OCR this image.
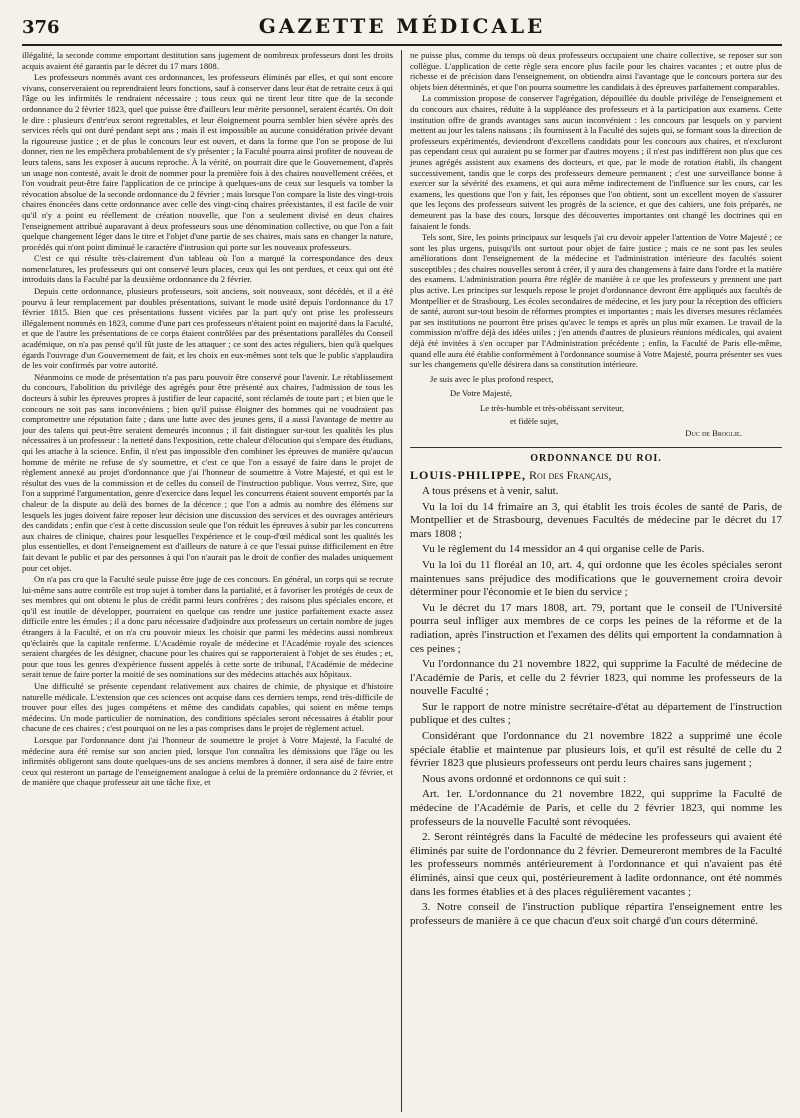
376	GAZETTE MÉDICALE

illégalité, la seconde comme emportant destitution sans jugement de nombreux professeurs dont les droits acquis avaient été garantis par le décret du 17 mars 1808.

Les professeurs nommés avant ces ordonnances, les professeurs éliminés par elles, et qui sont encore vivans, conserveraient ou reprendraient leurs fonctions, sauf à conserver dans leur état de retraite ceux à qui l'âge ou les infirmités le rendraient nécessaire ; tous ceux qui ne tirent leur titre que de la seconde ordonnance du 2 février 1823, quel que puisse être d'ailleurs leur mérite personnel, seraient écartés. On doit le dire : plusieurs d'entr'eux seront regrettables, et leur éloignement pourra sembler bien sévère après des services réels qui ont duré pendant sept ans ; mais il est impossible au aucune considération privée devant la rigoureuse justice ; et de plus le concours leur est ouvert, et dans la forme que l'on se propose de lui donner, rien ne les empêchera probablement de s'y présenter ; la Faculté pourra ainsi profiter de nouveau de leurs talens, sans les exposer à aucuns reproche. À la vérité, on pourrait dire que le Gouvernement, d'après un usage non contesté, avait le droit de nommer pour la première fois à des chaires nouvellement créées, et l'on voudrait peut-être faire l'application de ce principe à quelques-uns de ceux sur lesquels va tomber la révocation absolue de la seconde ordonnance du 2 février ; mais lorsque l'on compare la liste des vingt-trois chaires énoncées dans cette ordonnance avec celle des vingt-cinq chaires préexistantes, il est facile de voir qu'il n'y a point eu réellement de création nouvelle, que l'on a seulement divisé en deux chaires l'enseignement attribué auparavant à deux professeurs sous une dénomination collective, ou que l'on a fait quelque changement léger dans le titre et l'objet d'une partie de ses chaires, mais sans en changer la nature, procédés qui n'ont point diminué le caractère d'intrusion qui porte sur les nouveaux professeurs.

C'est ce qui résulte très-clairement d'un tableau où l'on a marqué la correspondance des deux nomenclatures, les professeurs qui ont conservé leurs places, ceux qui les ont perdues, et ceux qui ont été introduits dans la Faculté par la deuxième ordonnance du 2 février.

Depuis cette ordonnance, plusieurs professeurs, soit anciens, soit nouveaux, sont décédés, et il a été pourvu à leur remplacement par doubles présentations, suivant le mode usité depuis l'ordonnance du 17 février 1815. Bien que ces présentations fussent viciées par la part qu'y ont prise les professeurs illégalement nommés en 1823, comme d'une part ces professeurs n'étaient point en majorité dans la Faculté, et que de l'autre les présentations de ce corps étaient contrôlées par des présentations parallèles du Conseil académique, on n'a pas pensé qu'il fût juste de les attaquer ; ce sont des actes réguliers, bien qu'à quelques égards l'ouvrage d'un Gouvernement de fait, et les choix en eux-mêmes sont tels que le public s'applaudira de les voir confirmés par votre autorité.

Néanmoins ce mode de présentation n'a pas paru pouvoir être conservé pour l'avenir. Le rétablissement du concours, l'abolition du privilége des agrégés pour être présenté aux chaires, l'admission de tous les docteurs à subir les épreuves propres à justifier de leur capacité, sont réclamés de toute part ; et bien que le concours ne soit pas sans inconvéniens ; bien qu'il puisse éloigner des hommes qui ne voudraient pas compromettre une réputation faite ; dans une lutte avec des jeunes gens, il a aussi l'avantage de mettre au jour des talens qui peut-être seraient demeurés inconnus ; il fait distinguer sur-tout les qualités les plus nécessaires à un professeur : la netteté dans l'exposition, cette chaleur d'élocution qui s'empare des étudians, qui les attache à la science. Enfin, il n'est pas impossible d'en combiner les épreuves de manière qu'aucun homme de mérite ne refuse de s'y soumettre, et c'est ce que l'on a essayé de faire dans le projet de règlement annexé au projet d'ordonnance que j'ai l'honneur de soumettre à Votre Majesté, et qui est le résultat des vues de la commission et de celles du conseil de l'instruction publique. Vous verrez, Sire, que l'on a supprimé l'argumentation, genre d'exercice dans lequel les concurrens étaient souvent emportés par la chaleur de la dispute au delà des bornes de la décence ; que l'on a admis au nombre des élémens sur lesquels les juges doivent faire reposer leur décision une discussion des services et des ouvrages antérieurs des candidats ; enfin que c'est à cette discussion seule que l'on réduit les épreuves à subir par les concurrens aux chaires de clinique, chaires pour lesquelles l'expérience et le coup-d'œil médical sont les qualités les plus essentielles, et dont l'enseignement est d'ailleurs de nature à ce que l'essai puisse difficilement en être fait devant le public et par des personnes à qui l'on n'aurait pas le droit de confier des malades uniquement pour cet objet.

On n'a pas cru que la Faculté seule puisse être juge de ces concours. En général, un corps qui se recrute lui-même sans autre contrôle est trop sujet à tomber dans la partialité, et à favoriser les protégés de ceux de ses membres qui ont obtenu le plus de crédit parmi leurs confrères ; des raisons plus spéciales encore, et qu'il est inutile de développer, pourraient en quelque cas rendre une justice parfaitement exacte assez difficile entre les émules ; il a donc paru nécessaire d'adjoindre aux professeurs un certain nombre de juges étrangers à la Faculté, et on n'a cru pouvoir mieux les choisir que parmi les médecins aussi nombreux qu'éclairés que la capitale renferme. L'Académie royale de médecine et l'Académie royale des sciences seraient chargées de les désigner, chacune pour les chaires qui se rapporteraient à l'objet de ses études ; et, pour que tous les genres d'expérience fussent appelés à cette sorte de tribunal, l'Académie de médecine serait tenue de faire porter la moitié de ses nominations sur des médecins attachés aux hôpitaux.

Une difficulté se présente cependant relativement aux chaires de chimie, de physique et d'histoire naturelle médicale. L'extension que ces sciences ont acquise dans ces derniers temps, rend très-difficile de trouver pour elles des juges compétens et même des candidats capables, qui soient en même temps médecins. Un mode particulier de nomination, des conditions spéciales seront nécessaires à établir pour chacune de ces chaires ; c'est pourquoi on ne les a pas comprises dans le projet de règlement actuel.

Lorsque par l'ordonnance dont j'ai l'honneur de soumettre le projet à Votre Majesté, la Faculté de médecine aura été remise sur son ancien pied, lorsque l'on connaîtra les démissions que l'âge ou les infirmités obligeront sans doute quelques-uns de ses anciens membres à donner, il sera aisé de faire entre ceux qui resteront un partage de l'enseignement analogue à celui de la première ordonnance du 2 février, et de manière que chaque professeur ait une tâche fixe, et

ne puisse plus, comme du temps où deux professeurs occupaient une chaire collective, se reposer sur son collègue. L'application de cette règle sera encore plus facile pour les chaires vacantes ; et outre plus de richesse et de précision dans l'enseignement, on obtiendra ainsi l'avantage que le concours portera sur des objets bien déterminés, et que l'on pourra soumettre les candidats à des épreuves parfaitement comparables.

La commission propose de conserver l'agrégation, dépouillée du double privilége de l'enseignement et du concours aux chaires, réduite à la suppléance des professeurs et à la participation aux examens. Cette institution offre de grands avantages sans aucun inconvénient : les concours par lesquels on y parvient mettent au jour les talens naissans ; ils fournissent à la Faculté des sujets qui, se formant sous la direction de professeurs expérimentés, deviendront d'excellens candidats pour les concours aux chaires, et n'excluront pas cependant ceux qui auraient pu se former par d'autres moyens ; il n'est pas indifférent non plus que ces jeunes agrégés assistent aux examens des docteurs, et que, par le mode de rotation établi, ils changent successivement, tandis que le corps des professeurs demeure permanent ; c'est une surveillance bonne à exercer sur la sévérité des examens, et qui aura même indirectement de l'influence sur les cours, car les examens, les questions que l'on y fait, les réponses que l'on obtient, sont un excellent moyen de s'assurer que les leçons des professeurs suivent les progrès de la science, et que des cahiers, une fois préparés, ne demeurent pas la base des cours, lorsque des découvertes importantes ont changé les doctrines qui en faisaient le fonds.

Tels sont, Sire, les points principaux sur lesquels j'ai cru devoir appeler l'attention de Votre Majesté ; ce sont les plus urgens, puisqu'ils ont surtout pour objet de faire justice ; mais ce ne sont pas les seules améliorations dont l'enseignement de la médecine et l'administration intérieure des facultés soient susceptibles ; des chaires nouvelles seront à créer, il y aura des changemens à faire dans l'ordre et la matière des examens. L'administration pourra être réglée de manière à ce que les professeurs y prennent une part plus active. Les principes sur lesquels repose le projet d'ordonnance devront être appliqués aux facultés de Montpellier et de Strasbourg. Les écoles secondaires de médecine, et les jury pour la réception des officiers de santé, auront sur-tout besoin de réformes promptes et importantes ; mais les diverses mesures réclamées par ses institutions ne pourront être prises qu'avec le temps et après un plus mûr examen. Le travail de la commission m'offre déjà des idées utiles ; j'en attends d'autres de plusieurs réunions médicales, qui avaient déjà été invitées à s'en occuper par l'Administration précédente ; enfin, la Faculté de Paris elle-même, quand elle aura été établie conformément à l'ordonnance soumise à Votre Majesté, pourra présenter ses vues sur les changemens qu'elle désirera dans sa constitution intérieure.

Je suis avec le plus profond respect,
De Votre Majesté,
Le très-humble et très-obéissant serviteur,
et fidèle sujet,
Duc de Broglie.
ORDONNANCE DU ROI.
LOUIS-PHILIPPE, Roi des Français,

A tous présens et à venir, salut.

Vu la loi du 14 frimaire an 3, qui établit les trois écoles de santé de Paris, de Montpellier et de Strasbourg, devenues Facultés de médecine par le décret du 17 mars 1808 ;

Vu le règlement du 14 messidor an 4 qui organise celle de Paris.

Vu la loi du 11 floréal an 10, art. 4, qui ordonne que les écoles spéciales seront maintenues sans préjudice des modifications que le gouvernement croira devoir déterminer pour l'économie et le bien du service ;

Vu le décret du 17 mars 1808, art. 79, portant que le conseil de l'Université pourra seul infliger aux membres de ce corps les peines de la réforme et de la radiation, après l'instruction et l'examen des délits qui emportent la condamnation à ces peines ;

Vu l'ordonnance du 21 novembre 1822, qui supprime la Faculté de médecine de l'Académie de Paris, et celle du 2 février 1823, qui nomme les professeurs de la nouvelle Faculté ;

Sur le rapport de notre ministre secrétaire-d'état au département de l'instruction publique et des cultes ;

Considérant que l'ordonnance du 21 novembre 1822 a supprimé une école spéciale établie et maintenue par plusieurs lois, et qu'il est résulté de celle du 2 février 1823 que plusieurs professeurs ont perdu leurs chaires sans jugement ;

Nous avons ordonné et ordonnons ce qui suit :

Art. 1er. L'ordonnance du 21 novembre 1822, qui supprime la Faculté de médecine de l'Académie de Paris, et celle du 2 février 1823, qui nomme les professeurs de la nouvelle Faculté sont révoquées.

2. Seront réintégrés dans la Faculté de médecine les professeurs qui avaient été éliminés par suite de l'ordonnance du 2 février. Demeureront membres de la Faculté les professeurs nommés antérieurement à l'ordonnance et qui n'avaient pas été éliminés, ainsi que ceux qui, postérieurement à ladite ordonnance, ont été nommés dans les formes établies et à des places régulièrement vacantes ;

3. Notre conseil de l'instruction publique répartira l'enseignement entre les professeurs de manière à ce que chacun d'eux soit chargé d'un cours déterminé.
